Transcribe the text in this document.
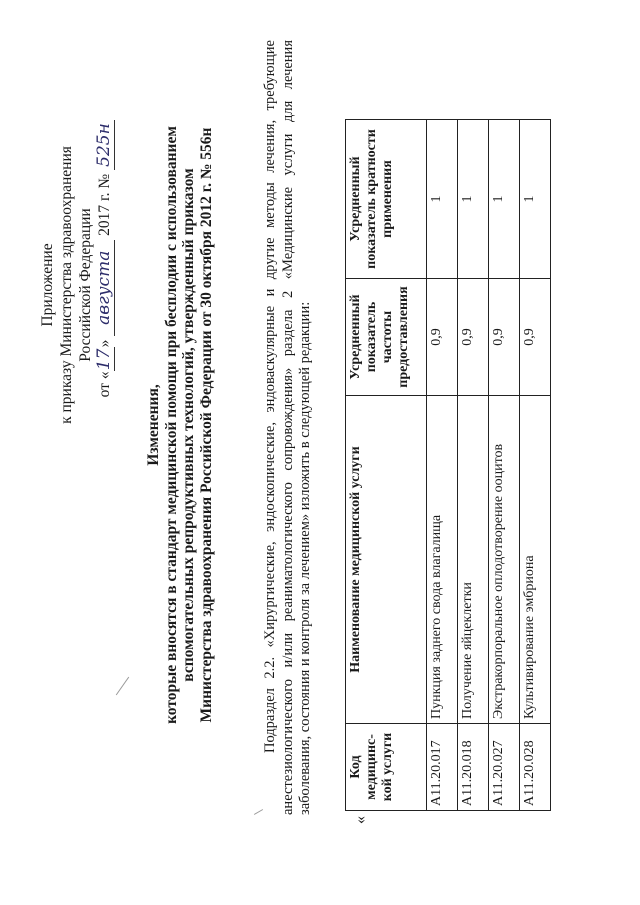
Приложение к приказу Министерства здравоохранения Российской Федерации
от «17» августа 2017 г. № 525н
Изменения, которые вносятся в стандарт медицинской помощи при бесплодии с использованием вспомогательных репродуктивных технологий, утвержденный приказом Министерства здравоохранения Российской Федерации от 30 октября 2012 г. № 556н	Подраздел 2.2. «Хирургические, эндоскопические, эндоваскулярные и другие методы лечения, требующие анестезиологического и/или реаниматологического сопровождения» раздела 2 «Медицинские услуги для лечения заболевания, состояния и контроля за лечением» изложить в следующей редакции:
«
Код медицинс-кой услуги	Наименование медицинской услуги	Усредненный показатель частоты предоставления	Усредненный показатель кратности применения
A11.20.017	Пункция заднего свода влагалища	0,9	1
A11.20.018	Получение яйцеклетки	0,9	1
A11.20.027	Экстракорпоральное оплодотворение ооцитов	0,9	1
A11.20.028	Культивирование эмбриона	0,9	1
